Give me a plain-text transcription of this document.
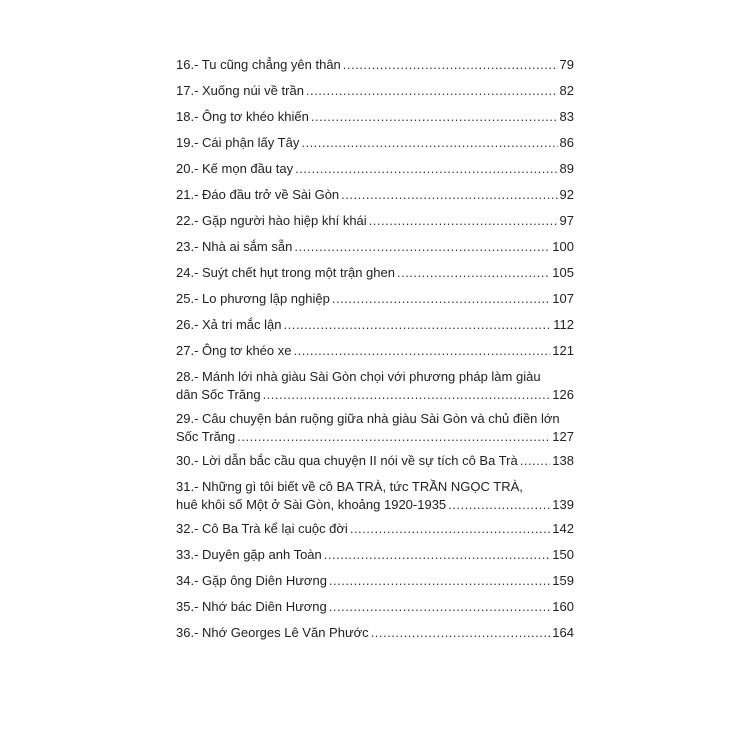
16.- Tu cũng chẳng yên thân .....	79
17.- Xuống núi về trần .....	82
18.- Ông tơ khéo khiến .....	83
19.- Cái phận lấy Tây .....	86
20.- Kế mọn đầu tay .....	89
21.- Đáo đầu trở về Sài Gòn .....	92
22.- Gặp người hào hiệp khí khái .....	97
23.- Nhà ai sắm sẵn .....	100
24.- Suýt chết hụt trong một trận ghen .....	105
25.- Lo phương lập nghiệp .....	107
26.- Xả tri mắc lận .....	112
27.- Ông tơ khéo xe .....	121
28.- Mánh lới nhà giàu Sài Gòn chọi với phương pháp làm giàu
dân Sốc Trăng .....	126
29.- Câu chuyện bán ruộng giữa nhà giàu Sài Gòn và chủ điền lớn
Sốc Trăng .....	127
30.- Lời dẫn bắc cầu qua chuyện II nói về sự tích cô Ba Trà .....	138
31.- Những gì tôi biết về cô BA TRÀ, tức TRẦN NGỌC TRÀ,
huê khôi số Một ở Sài Gòn, khoảng 1920-1935 .....	139
32.- Cô Ba Trà kể lại cuộc đời .....	142
33.- Duyên gặp anh Toàn .....	150
34.- Gặp ông Diên Hương .....	159
35.- Nhớ bác Diên Hương .....	160
36.- Nhớ Georges Lê Văn Phước .....	164
